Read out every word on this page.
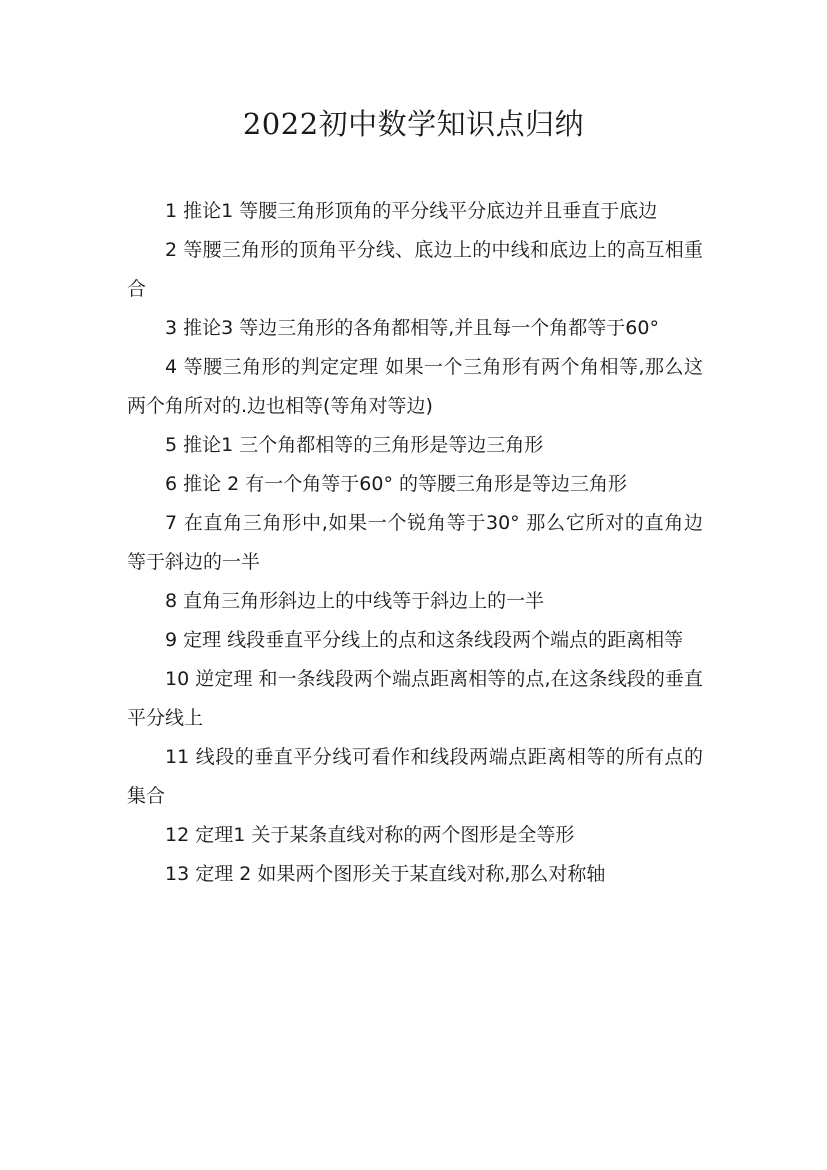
2022初中数学知识点归纳

1 推论1 等腰三角形顶角的平分线平分底边并且垂直于底边

2 等腰三角形的顶角平分线、底边上的中线和底边上的高互相重合

3 推论3 等边三角形的各角都相等,并且每一个角都等于60°

4 等腰三角形的判定定理 如果一个三角形有两个角相等,那么这两个角所对的.边也相等(等角对等边)

5 推论1 三个角都相等的三角形是等边三角形

6 推论 2 有一个角等于60° 的等腰三角形是等边三角形

7 在直角三角形中,如果一个锐角等于30° 那么它所对的直角边等于斜边的一半

8 直角三角形斜边上的中线等于斜边上的一半

9 定理 线段垂直平分线上的点和这条线段两个端点的距离相等

10 逆定理 和一条线段两个端点距离相等的点,在这条线段的垂直平分线上

11 线段的垂直平分线可看作和线段两端点距离相等的所有点的集合

12 定理1 关于某条直线对称的两个图形是全等形

13 定理 2 如果两个图形关于某直线对称,那么对称轴
